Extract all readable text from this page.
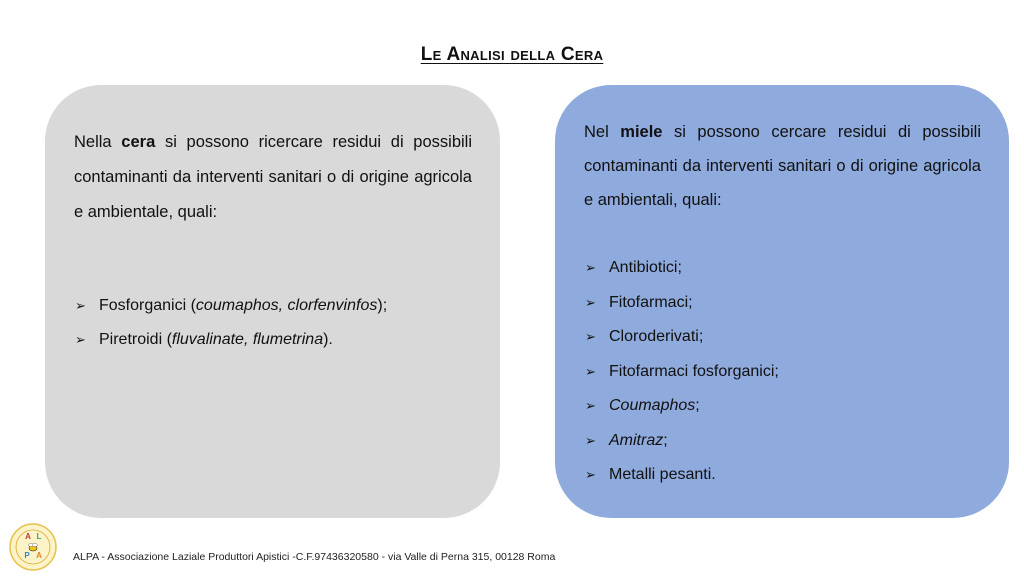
Le Analisi della Cera

Nella cera si possono ricercare residui di possibili contaminanti da interventi sanitari o di origine agricola e ambientale, quali:

➢ Fosforganici (coumaphos, clorfenvinfos);
➢ Piretroidi (fluvalinate, flumetrina).

Nel miele si possono cercare residui di possibili contaminanti da interventi sanitari o di origine agricola e ambientali, quali:

➢ Antibiotici;
➢ Fitofarmaci;
➢ Cloroderivati;
➢ Fitofarmaci fosforganici;
➢ Coumaphos;
➢ Amitraz;
➢ Metalli pesanti.
A L
P A	ALPA - Associazione Laziale Produttori Apistici -C.F.97436320580 - via Valle di Perna 315, 00128 Roma
